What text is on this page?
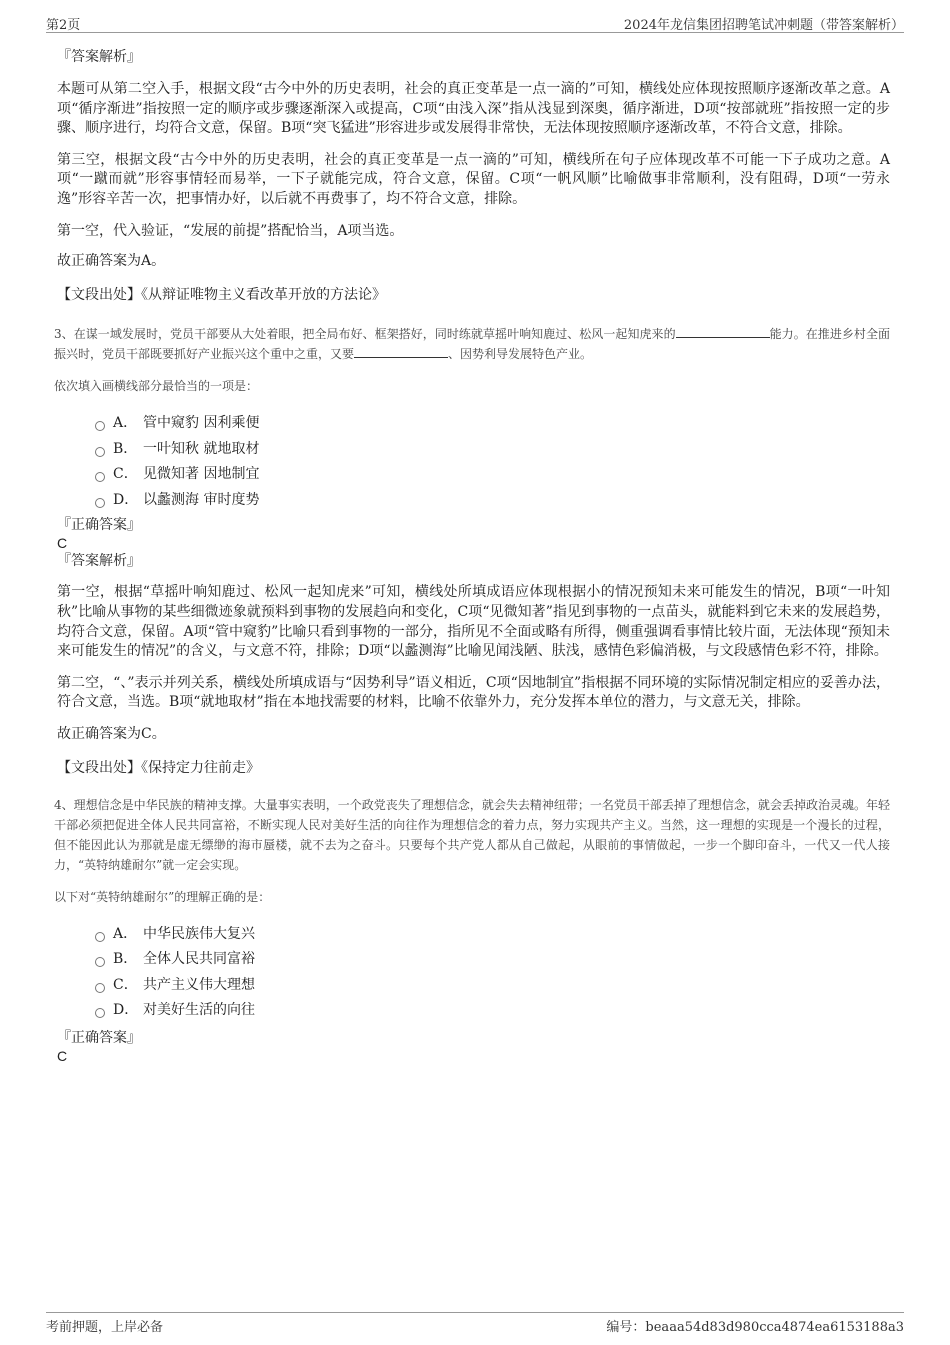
第2页	2024年龙信集团招聘笔试冲刺题（带答案解析）
『答案解析』

本题可从第二空入手，根据文段“古今中外的历史表明，社会的真正变革是一点一滴的”可知，横线处应体现按照顺序逐渐改革之意。A项“循序渐进”指按照一定的顺序或步骤逐渐深入或提高，C项“由浅入深”指从浅显到深奥，循序渐进，D项“按部就班”指按照一定的步骤、顺序进行，均符合文意，保留。B项“突飞猛进”形容进步或发展得非常快，无法体现按照顺序逐渐改革，不符合文意，排除。

第三空，根据文段“古今中外的历史表明，社会的真正变革是一点一滴的”可知，横线所在句子应体现改革不可能一下子成功之意。A项“一蹴而就”形容事情轻而易举，一下子就能完成，符合文意，保留。C项“一帆风顺”比喻做事非常顺利，没有阻碍，D项“一劳永逸”形容辛苦一次，把事情办好，以后就不再费事了，均不符合文意，排除。

第一空，代入验证，“发展的前提”搭配恰当，A项当选。

故正确答案为A。

【文段出处】《从辩证唯物主义看改革开放的方法论》

3、在谋一域发展时，党员干部要从大处着眼，把全局布好、框架搭好，同时练就草摇叶响知鹿过、松风一起知虎来的	能力。在推进乡村全面振兴时，党员干部既要抓好产业振兴这个重中之重，又要	、因势利导发展特色产业。

依次填入画横线部分最恰当的一项是：

A． 管中窥豹 因利乘便
B． 一叶知秋 就地取材
C． 见微知著 因地制宜
D． 以蠡测海 审时度势
『正确答案』
C
『答案解析』

第一空，根据“草摇叶响知鹿过、松风一起知虎来”可知，横线处所填成语应体现根据小的情况预知未来可能发生的情况，B项“一叶知秋”比喻从事物的某些细微迹象就预料到事物的发展趋向和变化，C项“见微知著”指见到事物的一点苗头，就能料到它未来的发展趋势，均符合文意，保留。A项“管中窥豹”比喻只看到事物的一部分，指所见不全面或略有所得，侧重强调看事情比较片面，无法体现“预知未来可能发生的情况”的含义，与文意不符，排除；D项“以蠡测海”比喻见闻浅陋、肤浅，感情色彩偏消极，与文段感情色彩不符，排除。

第二空，“、”表示并列关系，横线处所填成语与“因势利导”语义相近，C项“因地制宜”指根据不同环境的实际情况制定相应的妥善办法，符合文意，当选。B项“就地取材”指在本地找需要的材料，比喻不依靠外力，充分发挥本单位的潜力，与文意无关，排除。

故正确答案为C。

【文段出处】《保持定力往前走》

4、理想信念是中华民族的精神支撑。大量事实表明，一个政党丧失了理想信念，就会失去精神纽带；一名党员干部丢掉了理想信念，就会丢掉政治灵魂。年轻干部必须把促进全体人民共同富裕，不断实现人民对美好生活的向往作为理想信念的着力点，努力实现共产主义。当然，这一理想的实现是一个漫长的过程，但不能因此认为那就是虚无缥缈的海市蜃楼，就不去为之奋斗。只要每个共产党人都从自己做起，从眼前的事情做起，一步一个脚印奋斗，一代又一代人接力，“英特纳雄耐尔”就一定会实现。

以下对“英特纳雄耐尔”的理解正确的是：

A． 中华民族伟大复兴
B． 全体人民共同富裕
C． 共产主义伟大理想
D． 对美好生活的向往
『正确答案』
C
考前押题，上岸必备	编号：beaaa54d83d980cca4874ea6153188a3
